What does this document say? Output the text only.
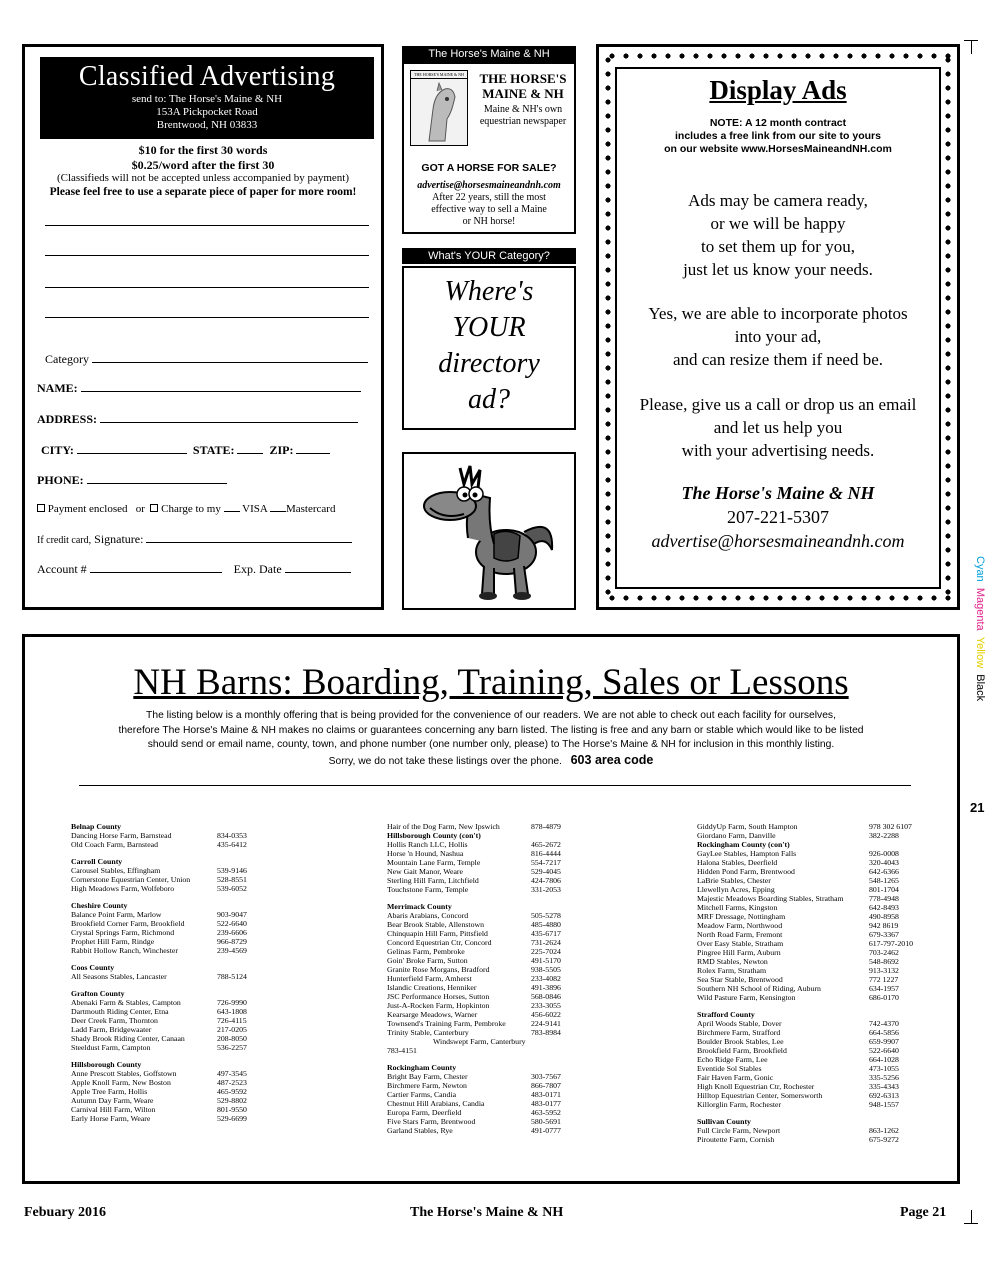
Classified Advertising
send to: The Horse's Maine & NH
153A Pickpocket Road
Brentwood, NH 03833
$10 for the first 30 words
$0.25/word after the first 30
(Classifieds will not be accepted unless accompanied by payment)
Please feel free to use a separate piece of paper for more room!
Category
NAME:
ADDRESS:
CITY:	STATE:	ZIP:
PHONE:
Payment enclosed or Charge to my VISA Mastercard
If credit card, Signature:
Account #	Exp. Date
The Horse's Maine & NH
THE HORSE'S MAINE & NH	THE HORSE'S MAINE & NH
Maine & NH's own equestrian newspaper
GOT A HORSE FOR SALE?
advertise@horsesmaineandnh.com
After 22 years, still the most effective way to sell a Maine or NH horse!
What's YOUR Category?
Where's
YOUR
directory
ad?
Display Ads
NOTE: A 12 month contract
includes a free link from our site to yours
on our website www.HorsesMaineandNH.com
Ads may be camera ready,
or we will be happy
to set them up for you,
just let us know your needs.
Yes, we are able to incorporate photos
into your ad,
and can resize them if need be.
Please, give us a call or drop us an email
and let us help you
with your advertising needs.
The Horse's Maine & NH
207-221-5307
advertise@horsesmaineandnh.com
NH Barns: Boarding, Training, Sales or Lessons
The listing below is a monthly offering that is being provided for the convenience of our readers. We are not able to check out each facility for ourselves,
therefore The Horse's Maine & NH makes no claims or guarantees concerning any barn listed. The listing is free and any barn or stable which would like to be listed
should send or email name, county, town, and phone number (one number only, please) to The Horse's Maine & NH for inclusion in this monthly listing.
Sorry, we do not take these listings over the phone. 603 area code
Belnap County
Dancing Horse Farm, Barnstead	834-0353
Old Coach Farm, Barnstead	435-6412
Carroll County
Carousel Stables, Effingham	539-9146
Cornerstone Equestrian Center, Union	528-8551
High Meadows Farm, Wolfeboro	539-6052
Cheshire County
Balance Point Farm, Marlow	903-9047
Brookfield Corner Farm, Brookfield	522-6640
Crystal Springs Farm, Richmond	239-6606
Prophet Hill Farm, Rindge	966-8729
Rabbit Hollow Ranch, Winchester	239-4569
Coos County
All Seasons Stables, Lancaster	788-5124
Grafton County
Abenaki Farm & Stables, Campton	726-9990
Dartmouth Riding Center, Etna	643-1808
Deer Creek Farm, Thornton	726-4115
Ladd Farm, Bridgewaater	217-0205
Shady Brook Riding Center, Canaan	208-8050
Steeldust Farm, Campton	536-2257
Hillsborough County
Anne Prescott Stables, Goffstown	497-3545
Apple Knoll Farm, New Boston	487-2523
Apple Tree Farm, Hollis	465-9592
Autumn Day Farm, Weare	529-8802
Carnival Hill Farm, Wilton	801-9550
Early Horse Farm, Weare	529-6699
Hair of the Dog Farm, New Ipswich	878-4879
Hillsborough County (con't)
Hollis Ranch LLC, Hollis	465-2672
Horse 'n Hound, Nashua	816-4444
Mountain Lane Farm, Temple	554-7217
New Gait Manor, Weare	529-4045
Sterling Hill Farm, Litchfield	424-7806
Touchstone Farm, Temple	331-2053
Merrimack County
Abaris Arabians, Concord	505-5278
Bear Brook Stable, Allenstown	485-4880
Chinquapin Hill Farm, Pittsfield	435-6717
Concord Equestrian Ctr, Concord	731-2624
Gelinas Farm, Pembroke	225-7024
Goin' Broke Farm, Sutton	491-5170
Granite Rose Morgans, Bradford	938-5505
Hunterfield Farm, Amherst	233-4082
Islandic Creations, Henniker	491-3896
JSC Performance Horses, Sutton	568-0846
Just-A-Rocken Farm, Hopkinton	233-3055
Kearsarge Meadows, Warner	456-6022
Townsend's Training Farm, Pembroke	224-9141
Trinity Stable, Canterbury	783-8984
Windswept Farm, Canterbury
783-4151
Rockingham County
Bright Bay Farm, Chester	303-7567
Birchmere Farm, Newton	866-7807
Cartier Farms, Candia	483-0171
Chestnut Hill Arabians, Candia	483-0177
Europa Farm, Deerfield	463-5952
Five Stars Farm, Brentwood	580-5691
Garland Stables, Rye	491-0777
GiddyUp Farm, South Hampton	978 302 6107
Giordano Farm, Danville	382-2288
Rockingham County (con't)
GayLee Stables, Hampton Falls	926-0008
Halona Stables, Deerfield	320-4043
Hidden Pond Farm, Brentwood	642-6366
LaBrie Stables, Chester	548-1265
Llewellyn Acres, Epping	801-1704
Majestic Meadows Boarding Stables, Stratham	778-4948
Mitchell Farms, Kingston	642-8493
MRF Dressage, Nottingham	490-8958
Meadow Farm, Northwood	942 8619
North Road Farm, Fremont	679-3367
Over Easy Stable, Stratham	617-797-2010
Pingree Hill Farm, Auburn	703-2462
RMD Stables, Newton	548-8692
Rolex Farm, Stratham	913-3132
Sea Star Stable, Brentwood	772 1227
Southern NH School of Riding, Auburn	634-1957
Wild Pasture Farm, Kensington	686-0170
Strafford County
April Woods Stable, Dover	742-4370
Birchmere Farm, Strafford	664-5856
Boulder Brook Stables, Lee	659-9907
Brookfield Farm, Brookfield	522-6640
Echo Ridge Farm, Lee	664-1028
Eventide Sol Stables	473-1055
Fair Haven Farm, Gonic	335-5256
High Knoll Equestrian Ctr, Rochester	335-4343
Hilltop Equestrian Center, Somersworth	692-6313
Killorglin Farm, Rochester	948-1557
Sullivan County
Full Circle Farm, Newport	863-1262
Piroutette Farm, Cornish	675-9272
Febuary 2016	The Horse's Maine & NH	Page 21
Cyan  Magenta  Yellow  Black
21
